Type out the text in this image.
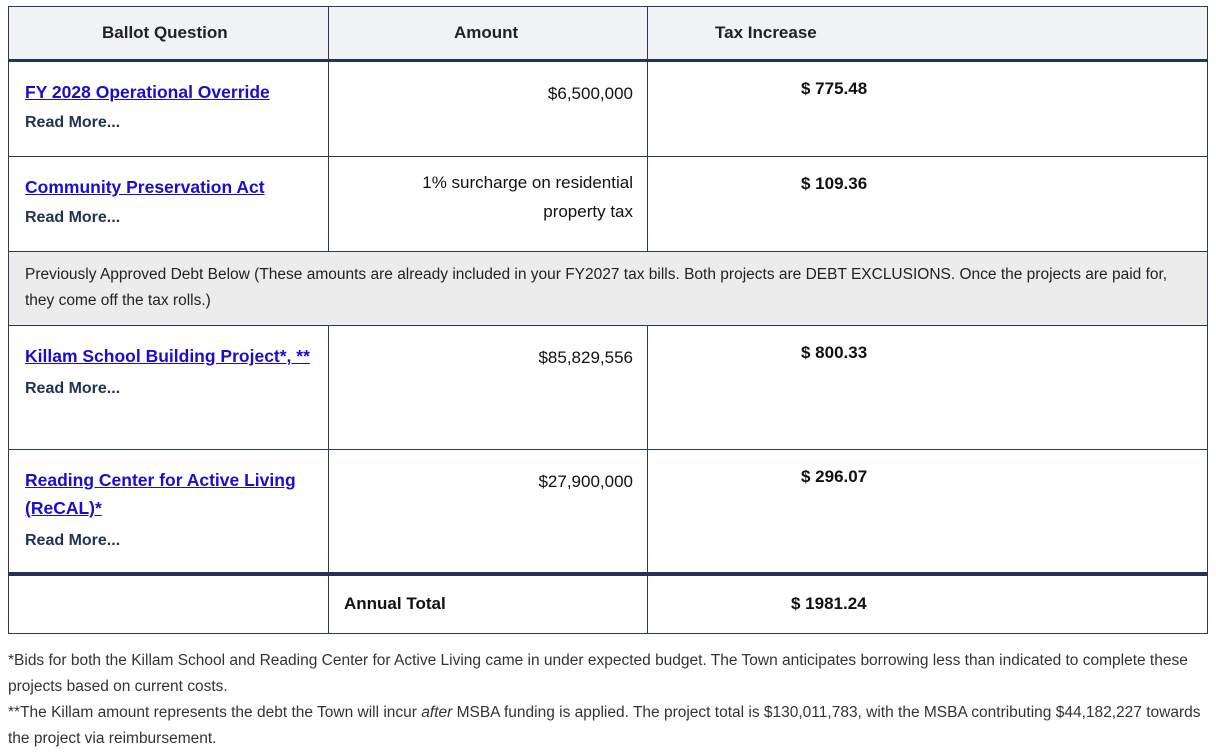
Ballot Question	Amount	Tax Increase
FY 2028 Operational Override
Read More...	$6,500,000	$ 775.48
Community Preservation Act
Read More...	1% surcharge on residential property tax	$ 109.36
Previously Approved Debt Below (These amounts are already included in your FY2027 tax bills. Both projects are DEBT EXCLUSIONS. Once the projects are paid for, they come off the tax rolls.)		
Killam School Building Project*, **
Read More...	$85,829,556	$ 800.33
Reading Center for Active Living (ReCAL)*
Read More...	$27,900,000	$ 296.07
	Annual Total	$ 1981.24

*Bids for both the Killam School and Reading Center for Active Living came in under expected budget. The Town anticipates borrowing less than indicated to complete these projects based on current costs.

**The Killam amount represents the debt the Town will incur after MSBA funding is applied. The project total is $130,011,783, with the MSBA contributing $44,182,227 towards the project via reimbursement.
